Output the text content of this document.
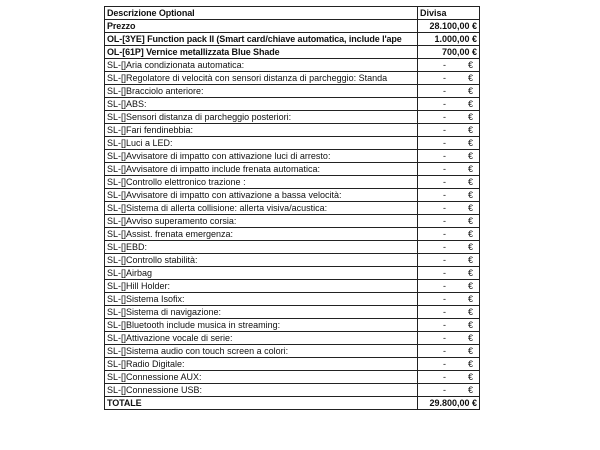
Descrizione Optional	Divisa
Prezzo	28.100,00 €
OL-[3YE] Function pack II (Smart card/chiave automatica, include l'ape	1.000,00 €
OL-[61P] Vernice metallizzata Blue Shade	700,00 €
SL-[]Aria condizionata automatica:	- €
SL-[]Regolatore di velocità con sensori distanza di parcheggio: Standa	- €
SL-[]Bracciolo anteriore:	- €
SL-[]ABS:	- €
SL-[]Sensori distanza di parcheggio posteriori:	- €
SL-[]Fari fendinebbia:	- €
SL-[]Luci a LED:	- €
SL-[]Avvisatore di impatto con attivazione luci di arresto:	- €
SL-[]Avvisatore di impatto include frenata automatica:	- €
SL-[]Controllo elettronico trazione :	- €
SL-[]Avvisatore di impatto con attivazione a bassa velocità:	- €
SL-[]Sistema di allerta collisione: allerta visiva/acustica:	- €
SL-[]Avviso superamento corsia:	- €
SL-[]Assist. frenata emergenza:	- €
SL-[]EBD:	- €
SL-[]Controllo stabilità:	- €
SL-[]Airbag	- €
SL-[]Hill Holder:	- €
SL-[]Sistema Isofix:	- €
SL-[]Sistema di navigazione:	- €
SL-[]Bluetooth include musica in streaming:	- €
SL-[]Attivazione vocale di serie:	- €
SL-[]Sistema audio con touch screen a colori:	- €
SL-[]Radio Digitale:	- €
SL-[]Connessione AUX:	- €
SL-[]Connessione USB:	- €
TOTALE	29.800,00 €
